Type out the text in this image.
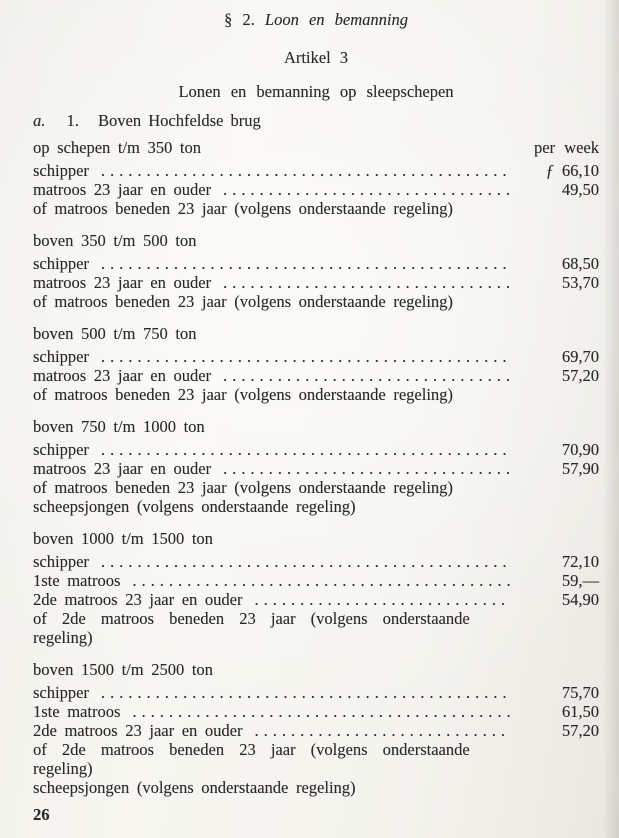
§ 2. Loon en bemanning
Artikel 3
Lonen en bemanning op sleepschepen
a. 1. Boven Hochfeldse brug
op schepen t/m 350 ton	per week
schipper .....	ƒ 66,10
matroos 23 jaar en ouder .....	49,50
of matroos beneden 23 jaar (volgens onderstaande regeling)
boven 350 t/m 500 ton
schipper .....	68,50
matroos 23 jaar en ouder .....	53,70
of matroos beneden 23 jaar (volgens onderstaande regeling)
boven 500 t/m 750 ton
schipper .....	69,70
matroos 23 jaar en ouder .....	57,20
of matroos beneden 23 jaar (volgens onderstaande regeling)
boven 750 t/m 1000 ton
schipper .....	70,90
matroos 23 jaar en ouder .....	57,90
of matroos beneden 23 jaar (volgens onderstaande regeling)
scheepsjongen (volgens onderstaande regeling)
boven 1000 t/m 1500 ton
schipper .....	72,10
1ste matroos .....	59,—
2de matroos 23 jaar en ouder .....	54,90
of 2de matroos beneden 23 jaar (volgens onderstaande
regeling)
boven 1500 t/m 2500 ton
schipper .....	75,70
1ste matroos .....	61,50
2de matroos 23 jaar en ouder .....	57,20
of 2de matroos beneden 23 jaar (volgens onderstaande
regeling)
scheepsjongen (volgens onderstaande regeling)
26
